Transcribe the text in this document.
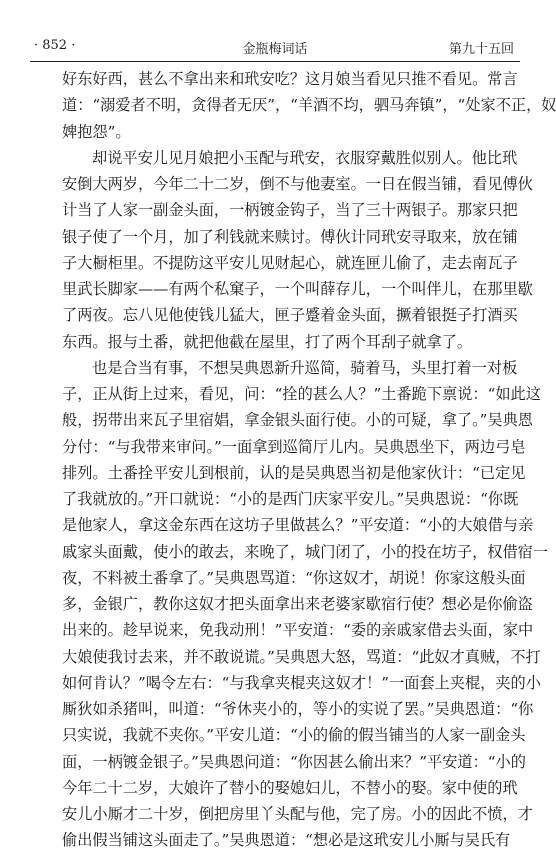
· 852 ·	金瓶梅词话	第九十五回
好东好西，甚么不拿出来和玳安吃？这月娘当看见只推不看见。常言
道：“溺爱者不明，贪得者无厌”，“羊酒不均，驷马奔镇”，“处家不正，奴
婢抱怨”。
却说平安儿见月娘把小玉配与玳安，衣服穿戴胜似别人。他比玳
安倒大两岁，今年二十二岁，倒不与他妻室。一日在假当铺，看见傅伙
计当了人家一副金头面，一柄镀金钩子，当了三十两银子。那家只把
银子使了一个月，加了利钱就来赎讨。傅伙计同玳安寻取来，放在铺
子大橱柜里。不提防这平安儿见财起心，就连匣儿偷了，走去南瓦子
里武长脚家——有两个私窠子，一个叫薛存儿，一个叫伴儿，在那里歇
了两夜。忘八见他使钱儿猛大，匣子蹙着金头面，撅着银挺子打酒买
东西。报与土番，就把他截在屋里，打了两个耳刮子就拿了。
也是合当有事，不想吴典恩新升巡简，骑着马，头里打着一对板
子，正从街上过来，看见，问：“拴的甚么人？”土番跪下禀说：“如此这
般，拐带出来瓦子里宿娼，拿金银头面行使。小的可疑，拿了。”吴典恩
分付：“与我带来审问。”一面拿到巡简厅儿内。吴典恩坐下，两边弓皂
排列。土番拴平安儿到根前，认的是吴典恩当初是他家伙计：“已定见
了我就放的。”开口就说：“小的是西门庆家平安儿。”吴典恩说：“你既
是他家人，拿这金东西在这坊子里做甚么？”平安道：“小的大娘借与亲
戚家头面戴，使小的敢去，来晚了，城门闭了，小的投在坊子，权借宿一
夜，不料被土番拿了。”吴典恩骂道：“你这奴才，胡说！你家这般头面
多，金银广，教你这奴才把头面拿出来老婆家歇宿行使？想必是你偷盗
出来的。趁早说来，免我动刑！”平安道：“委的亲戚家借去头面，家中
大娘使我讨去来，并不敢说谎。”吴典恩大怒，骂道：“此奴才真贼，不打
如何肯认？”喝令左右：“与我拿夹棍夹这奴才！”一面套上夹棍，夹的小
厮狄如杀猪叫，叫道：“爷休夹小的，等小的实说了罢。”吴典恩道：“你
只实说，我就不夹你。”平安儿道：“小的偷的假当铺当的人家一副金头
面，一柄镀金银子。”吴典恩问道：“你因甚么偷出来？”平安道：“小的
今年二十二岁，大娘许了替小的娶媳妇儿，不替小的娶。家中使的玳
安儿小厮才二十岁，倒把房里丫头配与他，完了房。小的因此不愤，才
偷出假当铺这头面走了。”吴典恩道：“想必是这玳安儿小厮与吴氏有
